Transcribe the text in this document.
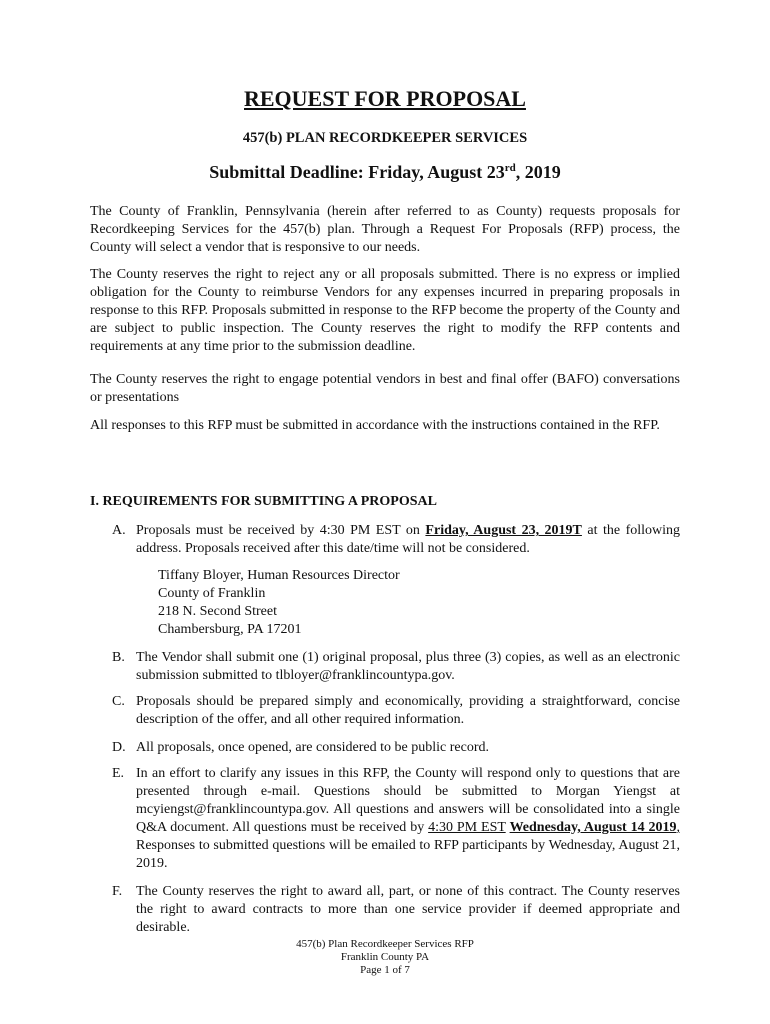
REQUEST FOR PROPOSAL

457(b) PLAN RECORDKEEPER SERVICES

Submittal Deadline: Friday, August 23rd, 2019

The County of Franklin, Pennsylvania (herein after referred to as County) requests proposals for Recordkeeping Services for the 457(b) plan. Through a Request For Proposals (RFP) process, the County will select a vendor that is responsive to our needs.

The County reserves the right to reject any or all proposals submitted. There is no express or implied obligation for the County to reimburse Vendors for any expenses incurred in preparing proposals in response to this RFP. Proposals submitted in response to the RFP become the property of the County and are subject to public inspection. The County reserves the right to modify the RFP contents and requirements at any time prior to the submission deadline.

The County reserves the right to engage potential vendors in best and final offer (BAFO) conversations or presentations

All responses to this RFP must be submitted in accordance with the instructions contained in the RFP.

I. REQUIREMENTS FOR SUBMITTING A PROPOSAL

A. Proposals must be received by 4:30 PM EST on Friday, August 23, 2019T at the following address. Proposals received after this date/time will not be considered.
Tiffany Bloyer, Human Resources Director
County of Franklin
218 N. Second Street
Chambersburg, PA 17201
B. The Vendor shall submit one (1) original proposal, plus three (3) copies, as well as an electronic submission submitted to tlbloyer@franklincountypa.gov.
C. Proposals should be prepared simply and economically, providing a straightforward, concise description of the offer, and all other required information.
D. All proposals, once opened, are considered to be public record.
E. In an effort to clarify any issues in this RFP, the County will respond only to questions that are presented through e-mail. Questions should be submitted to Morgan Yiengst at mcyiengst@franklincountypa.gov. All questions and answers will be consolidated into a single Q&A document. All questions must be received by 4:30 PM EST Wednesday, August 14 2019, Responses to submitted questions will be emailed to RFP participants by Wednesday, August 21, 2019.
F. The County reserves the right to award all, part, or none of this contract. The County reserves the right to award contracts to more than one service provider if deemed appropriate and desirable.
457(b) Plan Recordkeeper Services RFP
Franklin County PA
Page 1 of 7
